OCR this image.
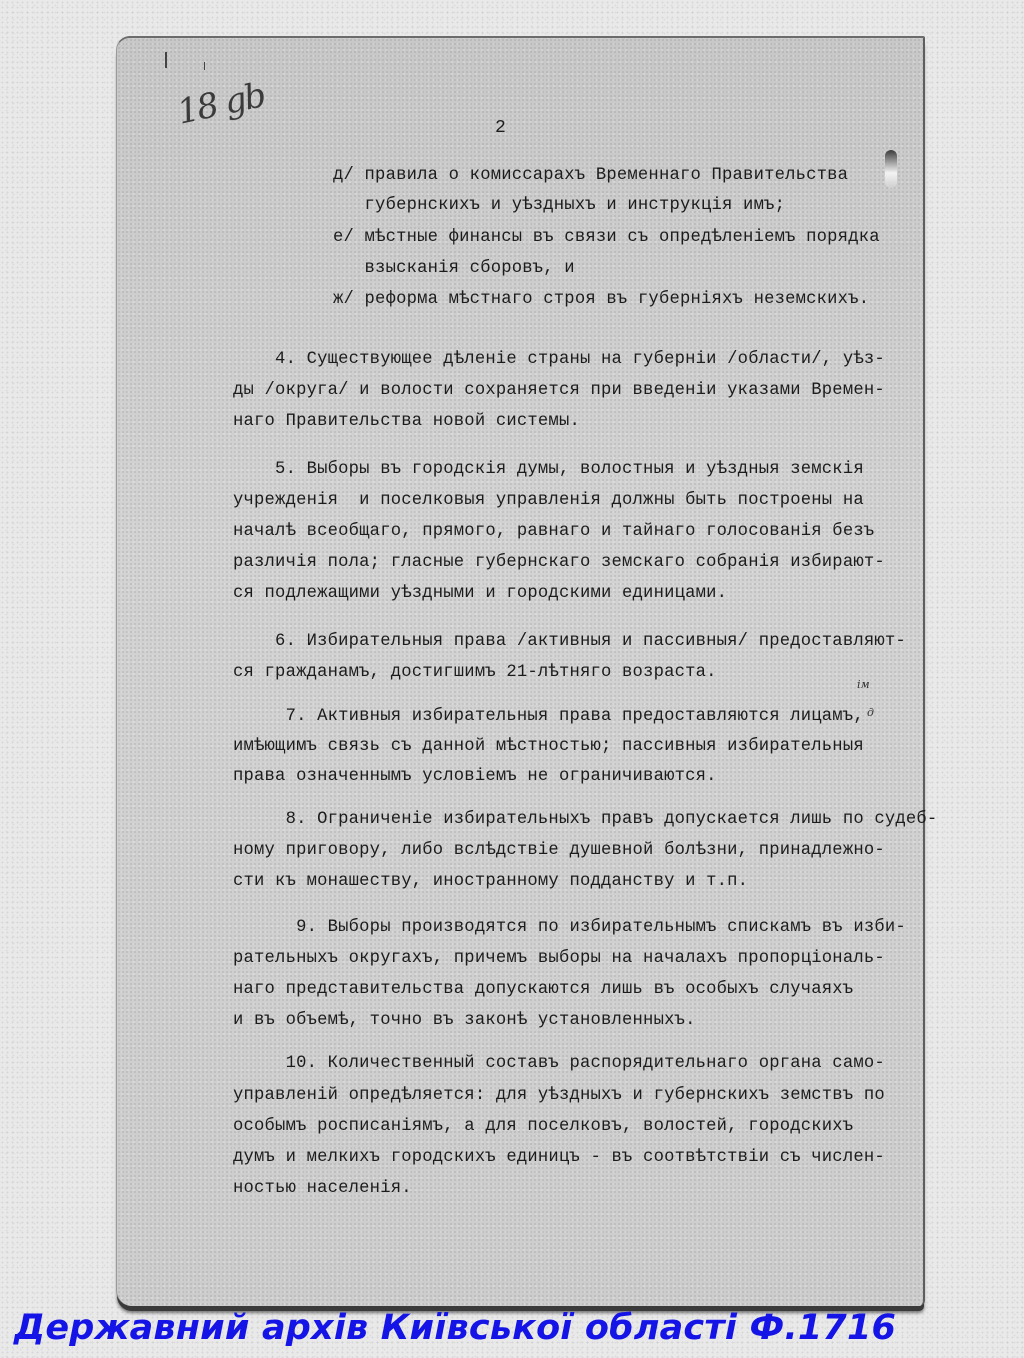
18 gb	2
ім
д
д/ правила о комиссарахъ Временнаго Правительства
губернскихъ и уѣздныхъ и инструкція имъ;
е/ мѣстные финансы въ связи съ опредѣленіемъ порядка
взысканія сборовъ, и
ж/ реформа мѣстнаго строя въ губерніяхъ неземскихъ.
4. Существующее дѣленіе страны на губерніи /области/, уѣз-
ды /округа/ и волости сохраняется при введеніи указами Времен-
наго Правительства новой системы.
5. Выборы въ городскія думы, волостныя и уѣздныя земскія
учрежденія  и поселковыя управленія должны быть построены на
началѣ всеобщаго, прямого, равнаго и тайнаго голосованія безъ
различія пола; гласные губернскаго земскаго собранія избирают-
ся подлежащими уѣздными и городскими единицами.
6. Избирательныя права /активныя и пассивныя/ предоставляют-
ся гражданамъ, достигшимъ 21-лѣтняго возраста.
7. Активныя избирательныя права предоставляются лицамъ,
имѣющимъ связь съ данной мѣстностью; пассивныя избирательныя
права означеннымъ условіемъ не ограничиваются.
8. Ограниченіе избирательныхъ правъ допускается лишь по судеб-
ному приговору, либо вслѣдствіе душевной болѣзни, принадлежно-
сти къ монашеству, иностранному подданству и т.п.
9. Выборы производятся по избирательнымъ спискамъ въ изби-
рательныхъ округахъ, причемъ выборы на началахъ пропорціональ-
наго представительства допускаются лишь въ особыхъ случаяхъ
и въ объемѣ, точно въ законѣ установленныхъ.
10. Количественный составъ распорядительнаго органа само-
управленій опредѣляется: для уѣздныхъ и губернскихъ земствъ по
особымъ росписаніямъ, а для поселковъ, волостей, городскихъ
думъ и мелкихъ городскихъ единицъ - въ соотвѣтствіи съ числен-
ностью населенія.
Державний архів Київської області Ф.1716
